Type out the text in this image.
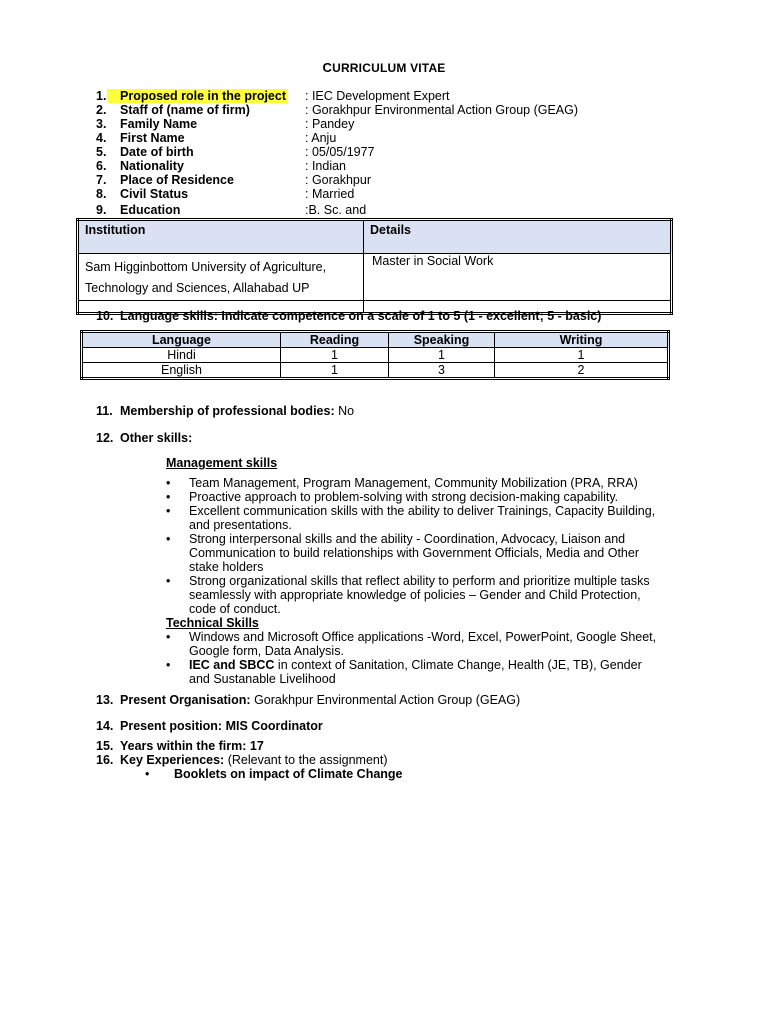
CURRICULUM VITAE
1.	Proposed role in the project : IEC Development Expert
2. Staff of (name of firm)	: Gorakhpur Environmental Action Group (GEAG)
3. Family Name	: Pandey
4. First Name	: Anju
5. Date of birth	: 05/05/1977
6. Nationality	: Indian
7. Place of Residence	: Gorakhpur
8. Civil Status	: Married
9. Education	:B. Sc. and
Institution	Details

Sam Higginbottom University of Agriculture,
Technology and Sciences, Allahabad UP	Master in Social Work

10. Language skills: Indicate competence on a scale of 1 to 5 (1 - excellent; 5 - basic)
Language	Reading	Speaking	Writing
Hindi	1	1	1
English	1	3	2
11. Membership of professional bodies: No
12. Other skills:
Management skills
• Team Management, Program Management, Community Mobilization (PRA, RRA)
• Proactive approach to problem-solving with strong decision-making capability.
• Excellent communication skills with the ability to deliver Trainings, Capacity Building,
and presentations.
• Strong interpersonal skills and the ability - Coordination, Advocacy, Liaison and
Communication to build relationships with Government Officials, Media and Other
stake holders
• Strong organizational skills that reflect ability to perform and prioritize multiple tasks
seamlessly with appropriate knowledge of policies – Gender and Child Protection,
code of conduct.
Technical Skills
• Windows and Microsoft Office applications -Word, Excel, PowerPoint, Google Sheet,
Google form, Data Analysis.
• IEC and SBCC in context of Sanitation, Climate Change, Health (JE, TB), Gender
and Sustanable Livelihood
13. Present Organisation: Gorakhpur Environmental Action Group (GEAG)
14. Present position: MIS Coordinator
15. Years within the firm: 17
16. Key Experiences: (Relevant to the assignment)
• Booklets on impact of Climate Change
